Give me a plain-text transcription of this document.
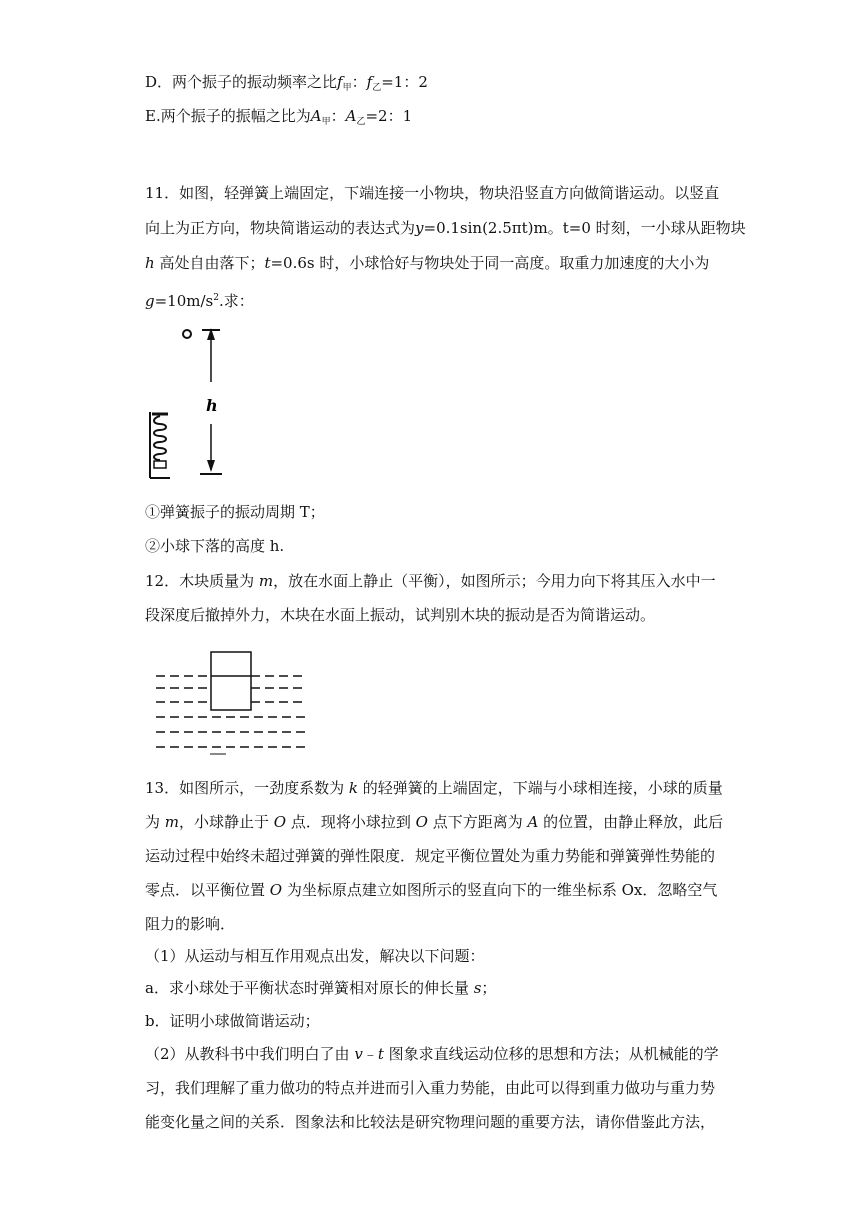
D．两个振子的振动频率之比$f_甲$：$f_乙=1$：2
E.两个振子的振幅之比为$A_甲$：$A_乙=2$：1
11．如图，轻弹簧上端固定，下端连接一小物块，物块沿竖直方向做简谐运动。以竖直
向上为正方向，物块简谐运动的表达式为y=0.1sin(2.5πt)m。t=0 时刻，一小球从距物块
h 高处自由落下；t=0.6s 时，小球恰好与物块处于同一高度。取重力加速度的大小为
$g=10m/s^2$.求：
h
①弹簧振子的振动周期 T；
②小球下落的高度 h.
12．木块质量为 m，放在水面上静止（平衡），如图所示；今用力向下将其压入水中一
段深度后撤掉外力，木块在水面上振动，试判别木块的振动是否为简谐运动。
13．如图所示，一劲度系数为 k 的轻弹簧的上端固定，下端与小球相连接，小球的质量
为 m，小球静止于 O 点．现将小球拉到 O 点下方距离为 A 的位置，由静止释放，此后
运动过程中始终未超过弹簧的弹性限度．规定平衡位置处为重力势能和弹簧弹性势能的
零点．以平衡位置 O 为坐标原点建立如图所示的竖直向下的一维坐标系 Ox．忽略空气
阻力的影响．
（1）从运动与相互作用观点出发，解决以下问题：
a．求小球处于平衡状态时弹簧相对原长的伸长量 s；
b．证明小球做简谐运动；
（2）从教科书中我们明白了由 v﹣t 图象求直线运动位移的思想和方法；从机械能的学
习，我们理解了重力做功的特点并进而引入重力势能，由此可以得到重力做功与重力势
能变化量之间的关系．图象法和比较法是研究物理问题的重要方法，请你借鉴此方法，
